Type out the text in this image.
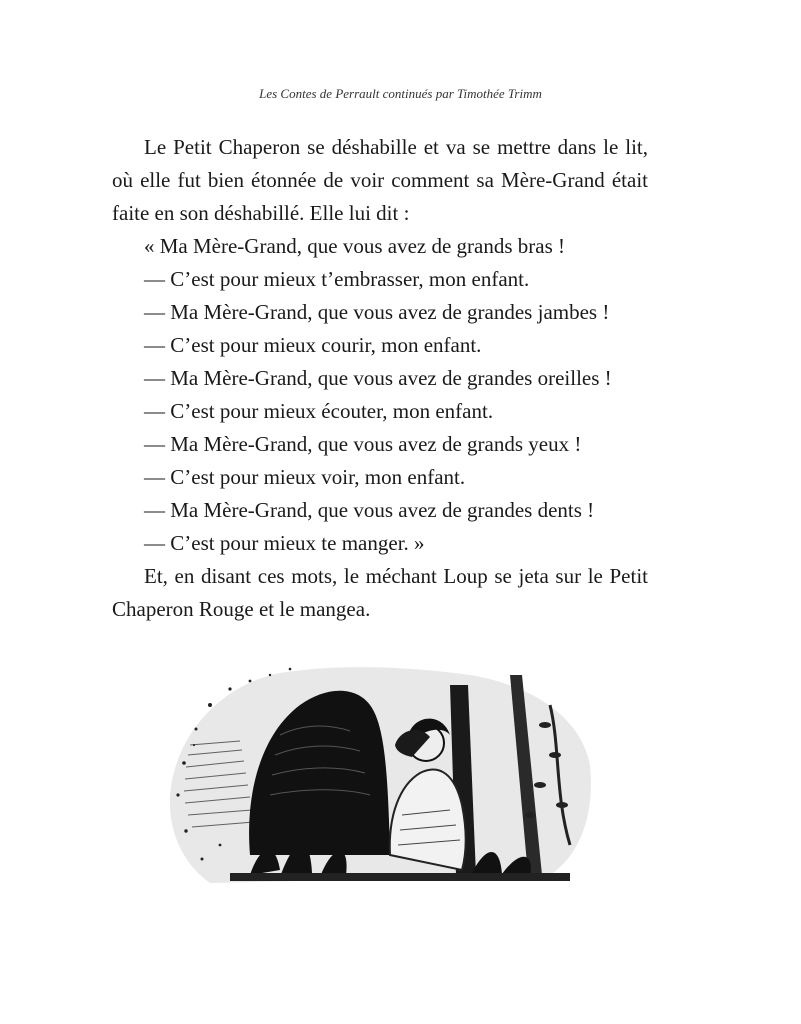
Les Contes de Perrault continués par Timothée Trimm

Le Petit Chaperon se déshabille et va se mettre dans le lit, où elle fut bien étonnée de voir comment sa Mère-Grand était faite en son déshabillé. Elle lui dit :

« Ma Mère-Grand, que vous avez de grands bras !
— C’est pour mieux t’embrasser, mon enfant.
— Ma Mère-Grand, que vous avez de grandes jambes !
— C’est pour mieux courir, mon enfant.
— Ma Mère-Grand, que vous avez de grandes oreilles !
— C’est pour mieux écouter, mon enfant.
— Ma Mère-Grand, que vous avez de grands yeux !
— C’est pour mieux voir, mon enfant.
— Ma Mère-Grand, que vous avez de grandes dents !
— C’est pour mieux te manger. »

Et, en disant ces mots, le méchant Loup se jeta sur le Petit Chaperon Rouge et le mangea.
